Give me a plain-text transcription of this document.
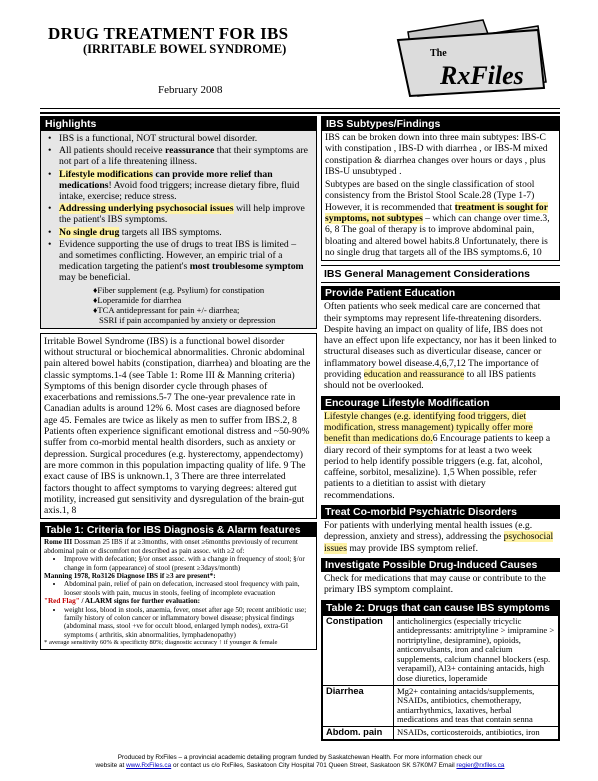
DRUG TREATMENT FOR IBS
(IRRITABLE BOWEL SYNDROME)
February 2008
The
RxFiles
Highlights
• IBS is a functional, NOT structural bowel disorder.
• All patients should receive reassurance that their symptoms are not part of a life threatening illness.
• Lifestyle modifications can provide more relief than medications! Avoid food triggers; increase dietary fibre, fluid intake, exercise; reduce stress.
• Addressing underlying psychosocial issues will help improve the patient's IBS symptoms.
• No single drug targets all IBS symptoms.
• Evidence supporting the use of drugs to treat IBS is limited – and sometimes conflicting. However, an empiric trial of a medication targeting the patient's most troublesome symptom may be beneficial.
♦Fiber supplement (e.g. Psylium) for constipation
♦Loperamide for diarrhea
♦TCA antidepressant for pain +/- diarrhea;
SSRI if pain accompanied by anxiety or depression
Irritable Bowel Syndrome (IBS) is a functional bowel disorder without structural or biochemical abnormalities. Chronic abdominal pain altered bowel habits (constipation, diarrhea) and bloating are the classic symptoms.1-4 (see Table 1: Rome III & Manning criteria) Symptoms of this benign disorder cycle through phases of exacerbations and remissions.5-7 The one-year prevalence rate in Canadian adults is around 12% 6. Most cases are diagnosed before age 45. Females are twice as likely as men to suffer from IBS.2, 8 Patients often experience significant emotional distress and ~50-90% suffer from co-morbid mental health disorders, such as anxiety or depression. Surgical procedures (e.g. hysterectomy, appendectomy) are more common in this population impacting quality of life. 9 The exact cause of IBS is unknown.1, 3 There are three interrelated factors thought to affect symptoms to varying degrees: altered gut motility, increased gut sensitivity and dysregulation of the brain-gut axis.1, 8
Table 1: Criteria for IBS Diagnosis & Alarm features
Rome III Dossman 25 IBS if at ≥3months, with onset ≥6months previously of recurrent abdominal pain or discomfort not described as pain assoc. with ≥2 of:
• Improve with defecation; §/or onset assoc. with a change in frequency of stool; §/or change in form (appearance) of stool (present ≥3days/month)
Manning 1978, Ro3126 Diagnose IBS if ≥3 are present*:
• Abdominal pain, relief of pain on defecation, increased stool frequency with pain, looser stools with pain, mucus in stools, feeling of incomplete evacuation
"Red Flag" / ALARM signs for further evaluation:
• weight loss, blood in stools, anaemia, fever, onset after age 50; recent antibiotic use; family history of colon cancer or inflammatory bowel disease; physical findings (abdominal mass, stool +ve for occult blood, enlarged lymph nodes), extra-GI symptoms ( arthritis, skin abnormalities, lymphadenopathy)
* average sensitivity 60% & specificity 80%; diagnostic accuracy ↑ if younger & female
IBS Subtypes/Findings
IBS can be broken down into three main subtypes: IBS-C with constipation , IBS-D with diarrhea , or IBS-M mixed constipation & diarrhea changes over hours or days , plus IBS-U unsubtyped .
Subtypes are based on the single classification of stool consistency from the Bristol Stool Scale.28 (Type 1-7) However, it is recommended that treatment is sought for symptoms, not subtypes – which can change over time.3, 6, 8 The goal of therapy is to improve abdominal pain, bloating and altered bowel habits.8 Unfortunately, there is no single drug that targets all of the IBS symptoms.6, 10
IBS General Management Considerations
Provide Patient Education
Often patients who seek medical care are concerned that their symptoms may represent life-threatening disorders. Despite having an impact on quality of life, IBS does not have an effect upon life expectancy, nor has it been linked to structural diseases such as diverticular disease, cancer or inflammatory bowel disease.4,6,7,12 The importance of providing education and reassurance to all IBS patients should not be overlooked.
Encourage Lifestyle Modification
Lifestyle changes (e.g. identifying food triggers, diet modification, stress management) typically offer more benefit than medications do.6 Encourage patients to keep a diary record of their symptoms for at least a two week period to help identify possible triggers (e.g. fat, alcohol, caffeine, sorbitol, mesalizine). 1,5 When possible, refer patients to a dietitian to assist with dietary recommendations.
Treat Co-morbid Psychiatric Disorders
For patients with underlying mental health issues (e.g. depression, anxiety and stress), addressing the psychosocial issues may provide IBS symptom relief.
Investigate Possible Drug-Induced Causes
Check for medications that may cause or contribute to the primary IBS symptom complaint.
Table 2: Drugs that can cause IBS symptoms
Constipation	anticholinergics (especially tricyclic antidepressants: amitriptyline > imipramine > nortriptyline, desipramine), opioids, anticonvulsants, iron and calcium supplements, calcium channel blockers (esp. verapamil), Al3+ containing antacids, high dose diuretics, loperamide
Diarrhea	Mg2+ containing antacids/supplements, NSAIDs, antibiotics, chemotherapy, antiarrhythmics, laxatives, herbal medications and teas that contain senna
Abdom. pain	NSAIDs, corticosteroids, antibiotics, iron
Produced by RxFiles – a provincial academic detailing program funded by Saskatchewan Health. For more information check our
website at www.RxFiles.ca or contact us c/o RxFiles, Saskatoon City Hospital 701 Queen Street, Saskatoon SK S7K0M7 Email regier@rxfiles.ca
